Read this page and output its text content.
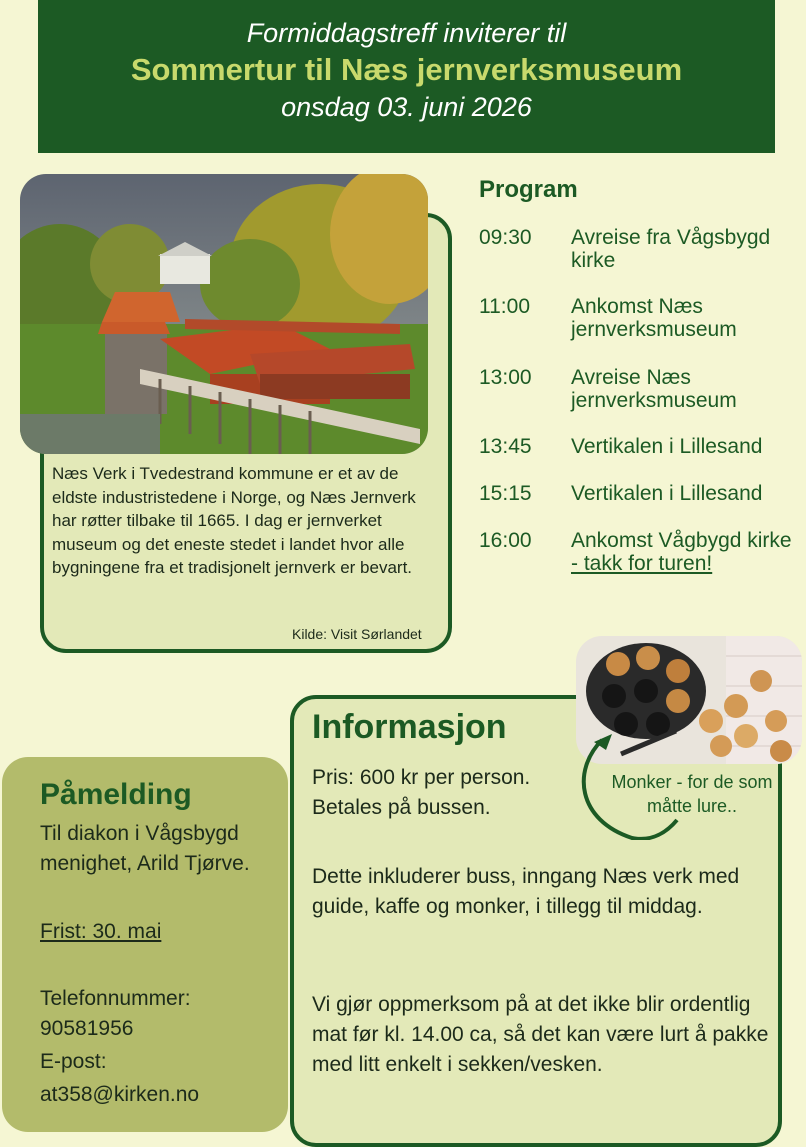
Formiddagstreff inviterer til
Sommertur til Næs jernverksmuseum
onsdag 03. juni 2026
Næs Verk i Tvedestrand kommune er et av de eldste industristedene i Norge, og Næs Jernverk har røtter tilbake til 1665. I dag er jernverket museum og det eneste stedet i landet hvor alle bygningene fra et tradisjonelt jernverk er bevart.
Kilde: Visit Sørlandet
Program
09:30 Avreise fra Vågsbygd kirke
11:00 Ankomst Næs jernverksmuseum
13:00 Avreise Næs jernverksmuseum
13:45 Vertikalen i Lillesand
15:15 Vertikalen i Lillesand
16:00 Ankomst Vågbygd kirke
- takk for turen!
Informasjon
Pris: 600 kr per person. Betales på bussen.
Dette inkluderer buss, inngang Næs verk med guide, kaffe og monker, i tillegg til middag.
Vi gjør oppmerksom på at det ikke blir ordentlig mat før kl. 14.00 ca, så det kan være lurt å pakke med litt enkelt i sekken/vesken.
Monker - for de som måtte lure..
Påmelding
Til diakon i Vågsbygd menighet, Arild Tjørve.
Frist: 30. mai
Telefonnummer:
90581956
E-post:
at358@kirken.no
